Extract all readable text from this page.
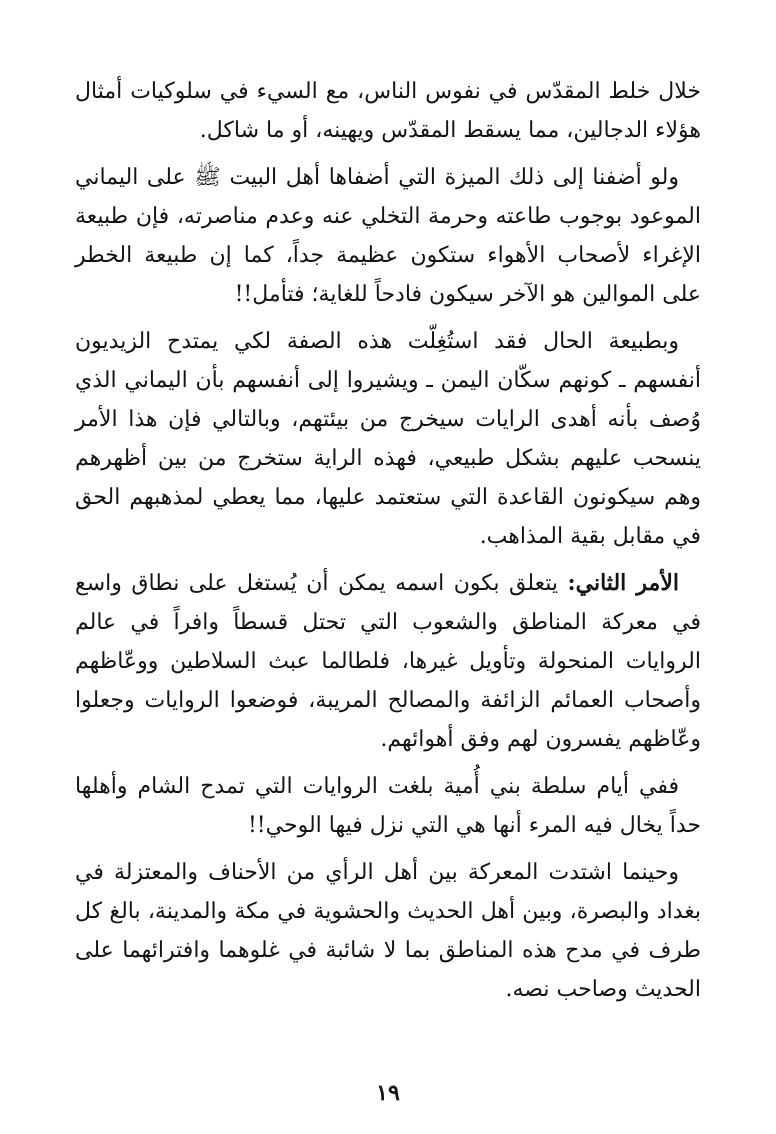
خلال خلط المقدّس في نفوس الناس، مع السيء في سلوكيات أمثال هؤلاء الدجالين، مما يسقط المقدّس ويهينه، أو ما شاكل.

ولو أضفنا إلى ذلك الميزة التي أضفاها أهل البيت ﷺ على اليماني الموعود بوجوب طاعته وحرمة التخلي عنه وعدم مناصرته، فإن طبيعة الإغراء لأصحاب الأهواء ستكون عظيمة جداً، كما إن طبيعة الخطر على الموالين هو الآخر سيكون فادحاً للغاية؛ فتأمل!!

وبطبيعة الحال فقد استُغِلّت هذه الصفة لكي يمتدح الزيديون أنفسهم ـ كونهم سكّان اليمن ـ ويشيروا إلى أنفسهم بأن اليماني الذي وُصف بأنه أهدى الرايات سيخرج من بيئتهم، وبالتالي فإن هذا الأمر ينسحب عليهم بشكل طبيعي، فهذه الراية ستخرج من بين أظهرهم وهم سيكونون القاعدة التي ستعتمد عليها، مما يعطي لمذهبهم الحق في مقابل بقية المذاهب.

الأمر الثاني: يتعلق بكون اسمه يمكن أن يُستغل على نطاق واسع في معركة المناطق والشعوب التي تحتل قسطاً وافراً في عالم الروايات المنحولة وتأويل غيرها، فلطالما عبث السلاطين ووعّاظهم وأصحاب العمائم الزائفة والمصالح المريبة، فوضعوا الروايات وجعلوا وعّاظهم يفسرون لهم وفق أهوائهم.

ففي أيام سلطة بني أُمية بلغت الروايات التي تمدح الشام وأهلها حداً يخال فيه المرء أنها هي التي نزل فيها الوحي!!

وحينما اشتدت المعركة بين أهل الرأي من الأحناف والمعتزلة في بغداد والبصرة، وبين أهل الحديث والحشوية في مكة والمدينة، بالغ كل طرف في مدح هذه المناطق بما لا شائبة في غلوهما وافترائهما على الحديث وصاحب نصه.

١٩
